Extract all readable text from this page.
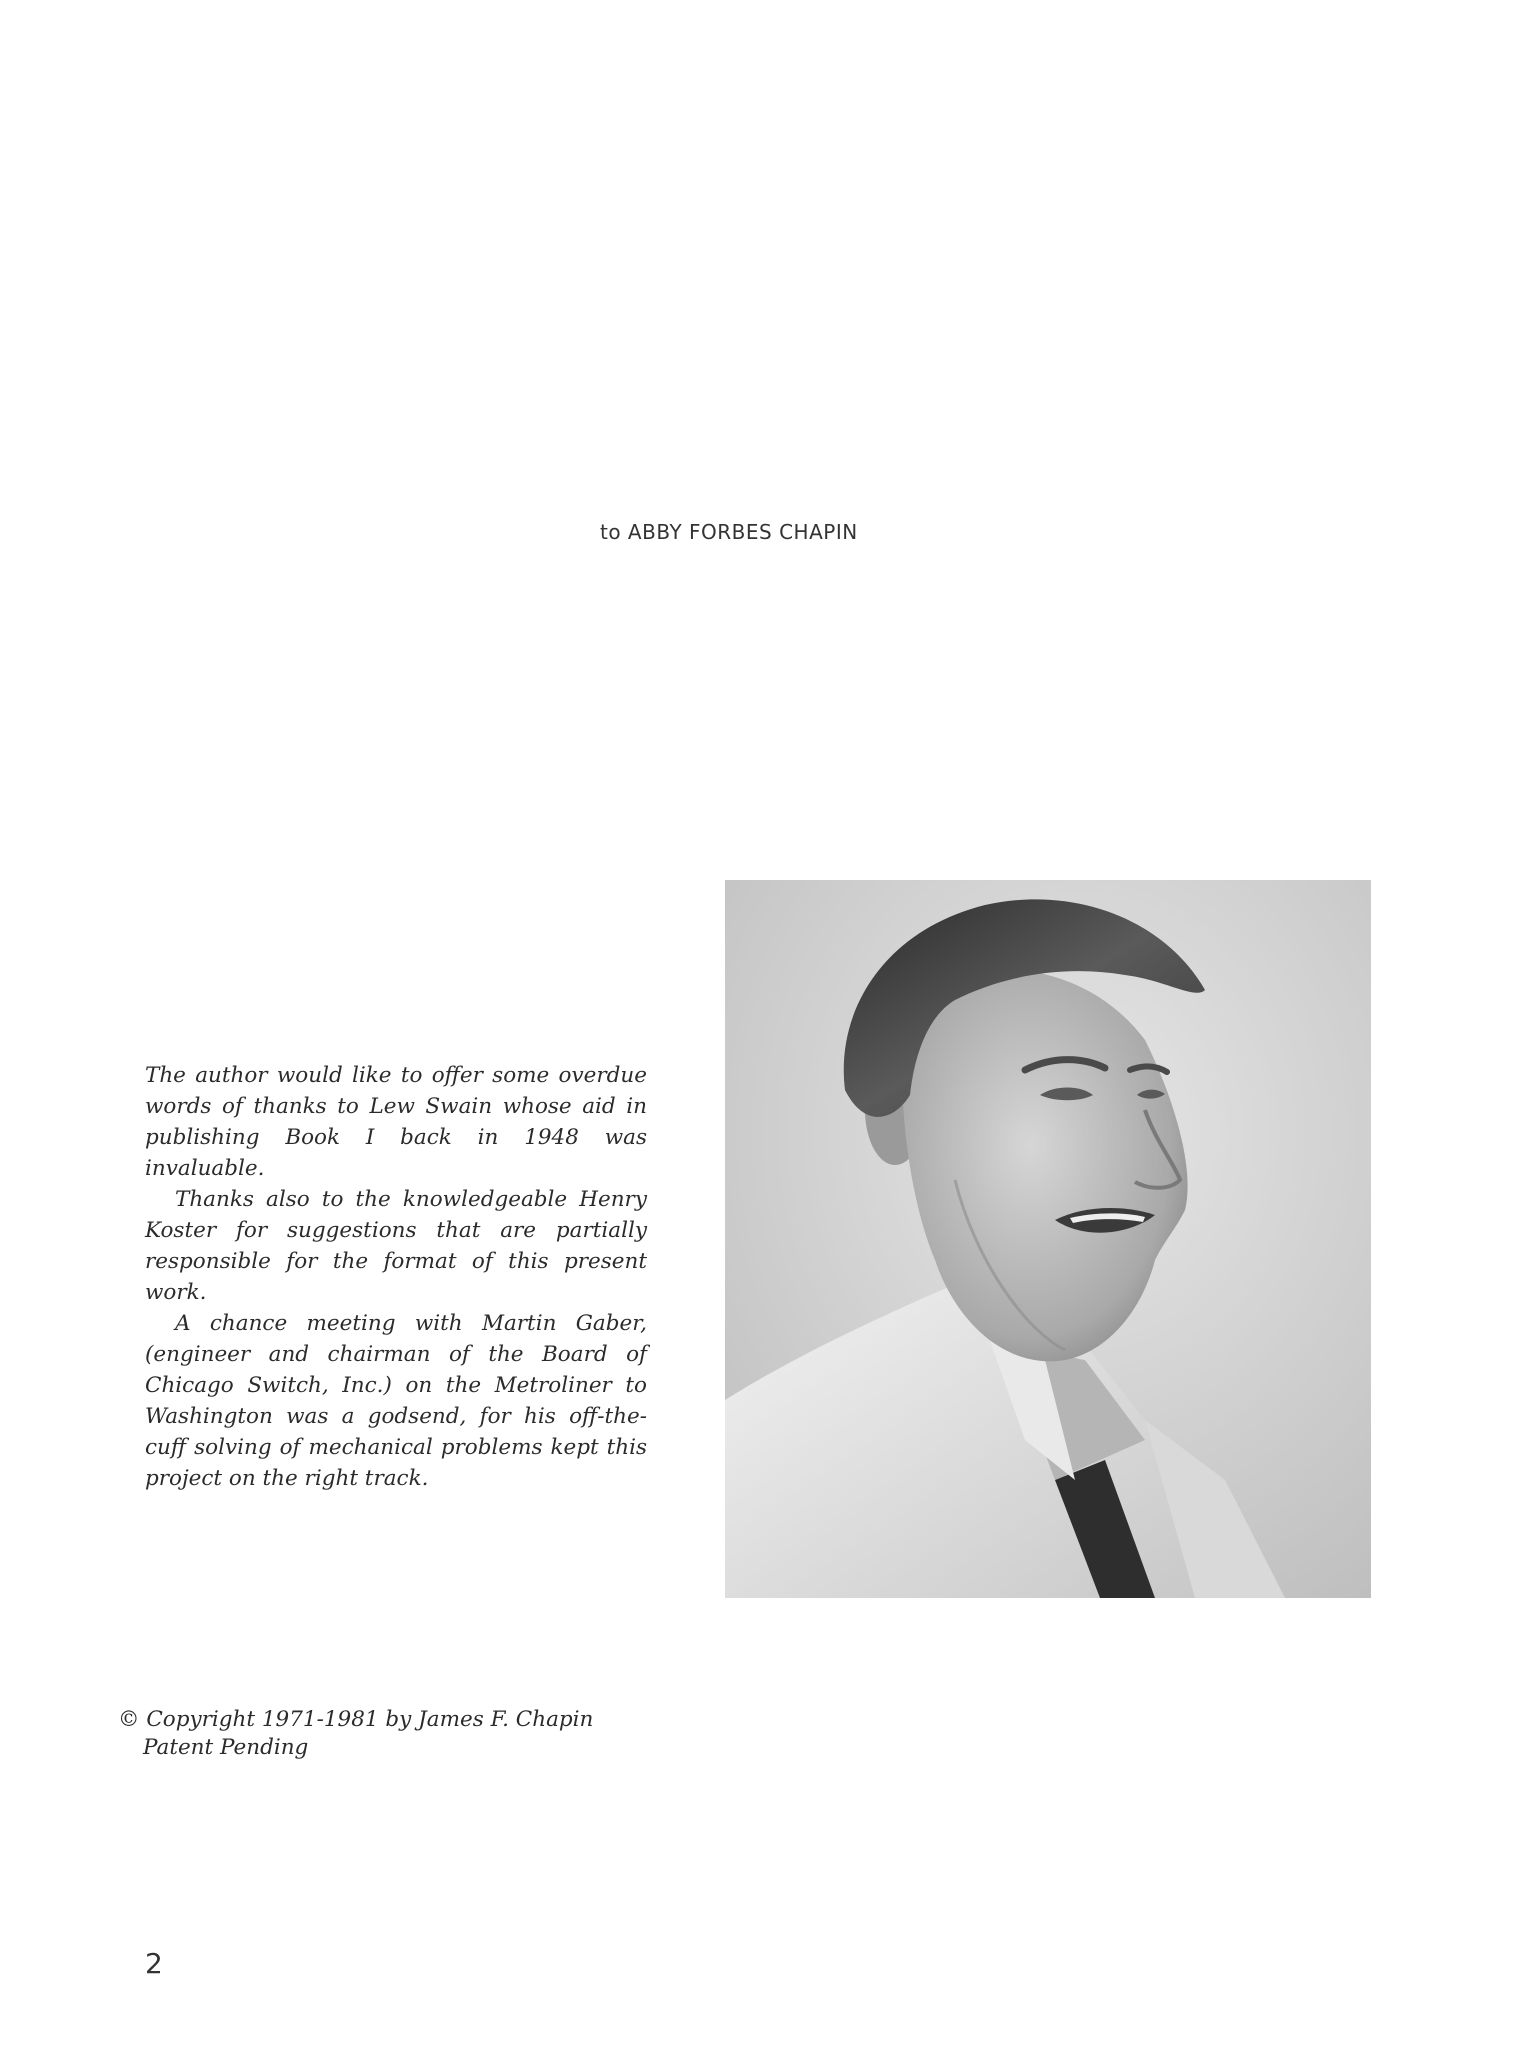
to ABBY FORBES CHAPIN

The author would like to offer some overdue words of thanks to Lew Swain whose aid in publishing Book I back in 1948 was invaluable.

Thanks also to the knowledgeable Henry Koster for suggestions that are partially responsible for the format of this present work.

A chance meeting with Martin Gaber, (engineer and chairman of the Board of Chicago Switch, Inc.) on the Metroliner to Washington was a godsend, for his off-the-cuff solving of mechanical problems kept this project on the right track.

© Copyright 1971-1981 by James F. Chapin
Patent Pending
2
